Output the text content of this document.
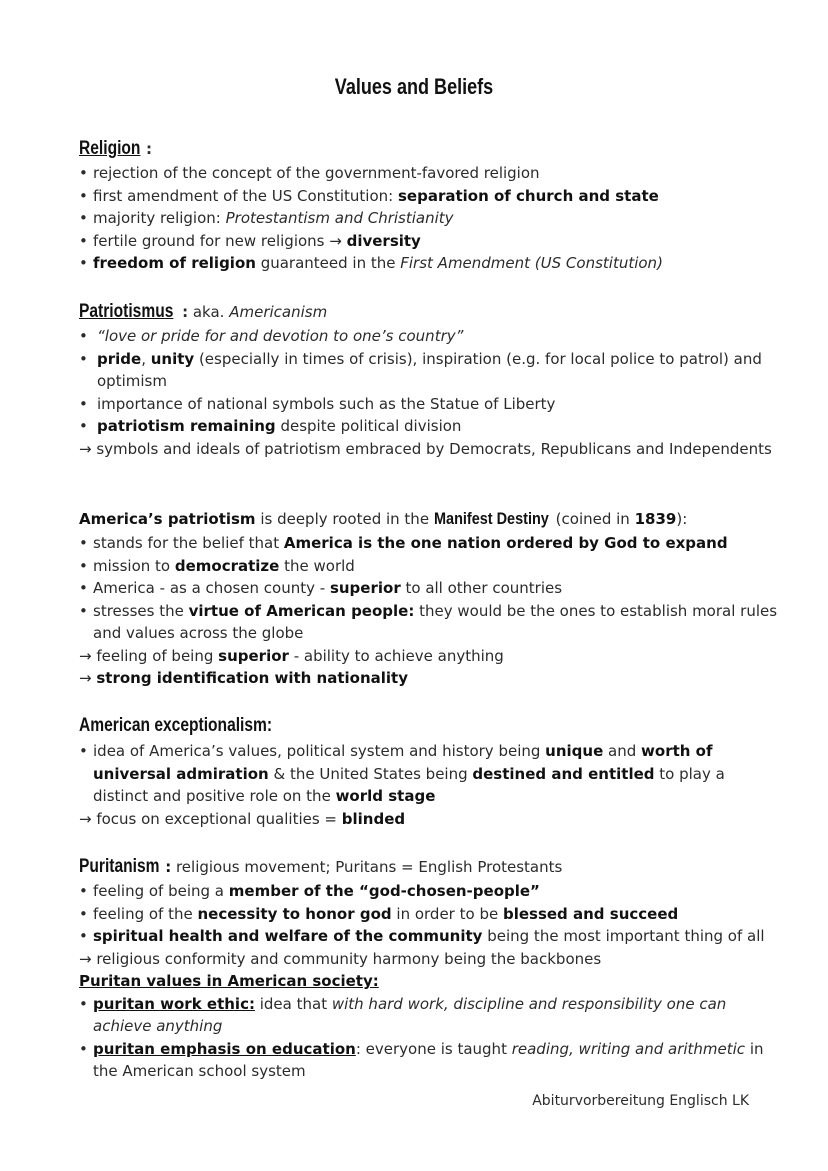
Values and Beliefs
Religion :
• rejection of the concept of the government-favored religion
• first amendment of the US Constitution: separation of church and state
• majority religion: Protestantism and Christianity
• fertile ground for new religions → diversity
• freedom of religion guaranteed in the First Amendment (US Constitution)
Patriotismus : aka. Americanism
• “love or pride for and devotion to one’s country”
• pride, unity (especially in times of crisis), inspiration (e.g. for local police to patrol) and optimism
• importance of national symbols such as the Statue of Liberty
• patriotism remaining despite political division
→ symbols and ideals of patriotism embraced by Democrats, Republicans and Independents
America’s patriotism is deeply rooted in the Manifest Destiny (coined in 1839):
• stands for the belief that America is the one nation ordered by God to expand
• mission to democratize the world
• America - as a chosen county - superior to all other countries
• stresses the virtue of American people: they would be the ones to establish moral rules and values across the globe
→ feeling of being superior - ability to achieve anything
→ strong identification with nationality
American exceptionalism:
• idea of America’s values, political system and history being unique and worth of universal admiration & the United States being destined and entitled to play a distinct and positive role on the world stage
→ focus on exceptional qualities = blinded
Puritanism : religious movement; Puritans = English Protestants
• feeling of being a member of the “god-chosen-people”
• feeling of the necessity to honor god in order to be blessed and succeed
• spiritual health and welfare of the community being the most important thing of all
→ religious conformity and community harmony being the backbones
Puritan values in American society:
• puritan work ethic: idea that with hard work, discipline and responsibility one can achieve anything
• puritan emphasis on education: everyone is taught reading, writing and arithmetic in the American school system
Abiturvorbereitung Englisch LK
